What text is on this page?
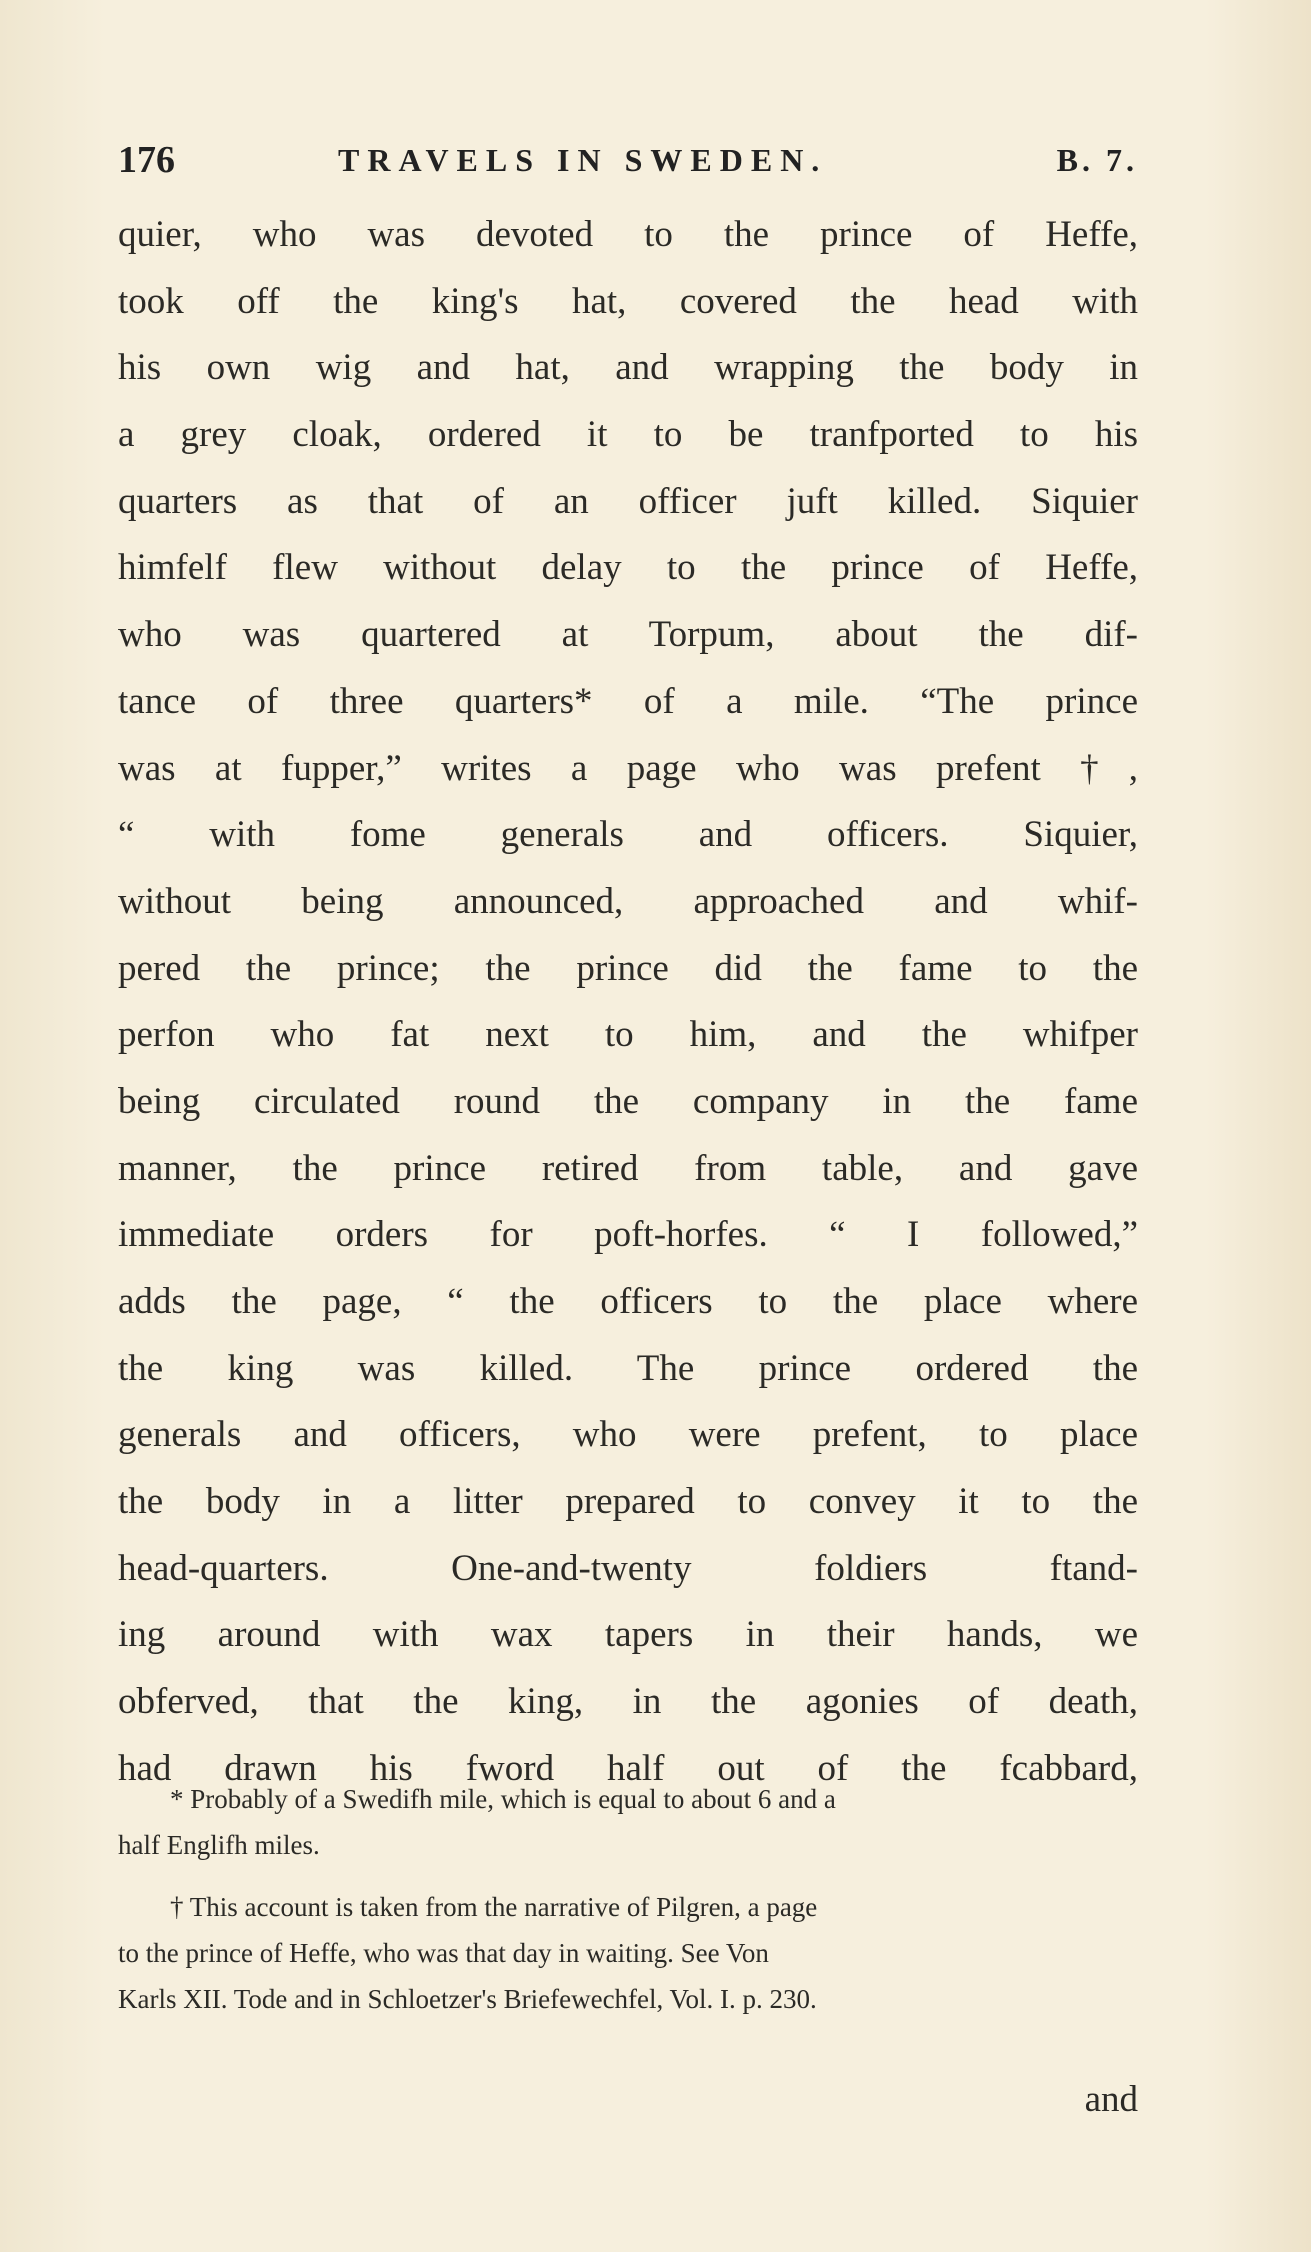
176	TRAVELS IN SWEDEN.	B. 7.
quier, who was devoted to the prince of Heffe,
took off the king's hat, covered the head with
his own wig and hat, and wrapping the body in
a grey cloak, ordered it to be tranfported to his
quarters as that of an officer juft killed. Siquier
himfelf flew without delay to the prince of Heffe,
who was quartered at Torpum, about the dif-
tance of three quarters* of a mile. “The prince
was at fupper,” writes a page who was prefent †,
“ with fome generals and officers. Siquier,
without being announced, approached and whif-
pered the prince; the prince did the fame to the
perfon who fat next to him, and the whifper
being circulated round the company in the fame
manner, the prince retired from table, and gave
immediate orders for poft-horfes. “ I followed,”
adds the page, “ the officers to the place where
the king was killed. The prince ordered the
generals and officers, who were prefent, to place
the body in a litter prepared to convey it to the
head-quarters. One-and-twenty foldiers ftand-
ing around with wax tapers in their hands, we
obferved, that the king, in the agonies of death,
had drawn his fword half out of the fcabbard,
* Probably of a Swedifh mile, which is equal to about 6 and a
half Englifh miles.
† This account is taken from the narrative of Pilgren, a page
to the prince of Heffe, who was that day in waiting. See Von
Karls XII. Tode and in Schloetzer's Briefewechfel, Vol. I. p. 230.
and
